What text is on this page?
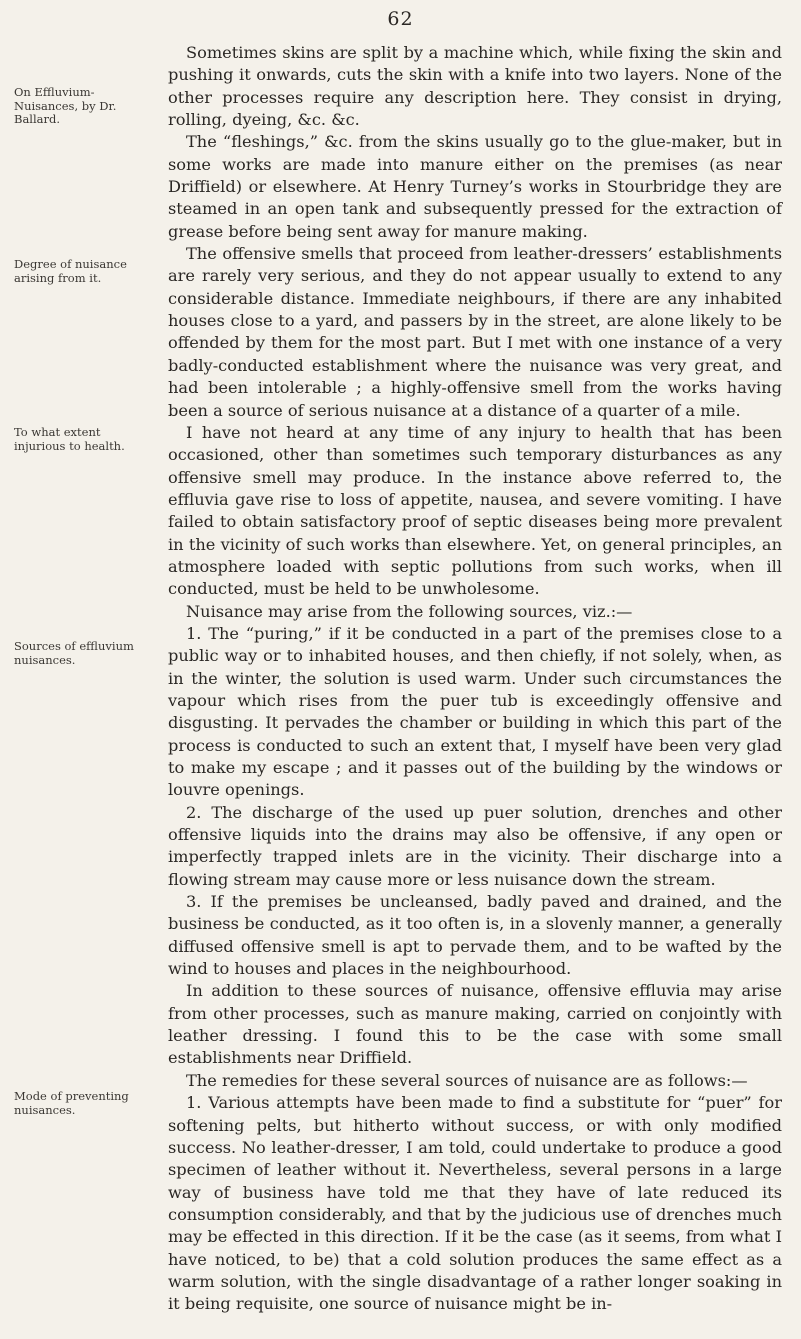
62
On Effluvium-Nuisances, by Dr. Ballard.
Degree of nuisance arising from it.
To what extent injurious to health.
Sources of effluvium nuisances.
Mode of preventing nuisances.

Sometimes skins are split by a machine which, while fixing the skin and pushing it onwards, cuts the skin with a knife into two layers. None of the other processes require any description here. They consist in drying, rolling, dyeing, &c. &c.

The “fleshings,” &c. from the skins usually go to the glue-maker, but in some works are made into manure either on the premises (as near Driffield) or elsewhere. At Henry Turney’s works in Stourbridge they are steamed in an open tank and subsequently pressed for the extraction of grease before being sent away for manure making.

The offensive smells that proceed from leather-dressers’ establishments are rarely very serious, and they do not appear usually to extend to any considerable distance. Immediate neighbours, if there are any inhabited houses close to a yard, and passers by in the street, are alone likely to be offended by them for the most part. But I met with one instance of a very badly-conducted establishment where the nuisance was very great, and had been intolerable ; a highly-offensive smell from the works having been a source of serious nuisance at a distance of a quarter of a mile.

I have not heard at any time of any injury to health that has been occasioned, other than sometimes such temporary disturbances as any offensive smell may produce. In the instance above referred to, the effluvia gave rise to loss of appetite, nausea, and severe vomiting. I have failed to obtain satisfactory proof of septic diseases being more prevalent in the vicinity of such works than elsewhere. Yet, on general principles, an atmosphere loaded with septic pollutions from such works, when ill conducted, must be held to be unwholesome.

Nuisance may arise from the following sources, viz.:—

1. The “puring,” if it be conducted in a part of the premises close to a public way or to inhabited houses, and then chiefly, if not solely, when, as in the winter, the solution is used warm. Under such circumstances the vapour which rises from the puer tub is exceedingly offensive and disgusting. It pervades the chamber or building in which this part of the process is conducted to such an extent that, I myself have been very glad to make my escape ; and it passes out of the building by the windows or louvre openings.

2. The discharge of the used up puer solution, drenches and other offensive liquids into the drains may also be offensive, if any open or imperfectly trapped inlets are in the vicinity. Their discharge into a flowing stream may cause more or less nuisance down the stream.

3. If the premises be uncleansed, badly paved and drained, and the business be conducted, as it too often is, in a slovenly manner, a generally diffused offensive smell is apt to pervade them, and to be wafted by the wind to houses and places in the neighbourhood.

In addition to these sources of nuisance, offensive effluvia may arise from other processes, such as manure making, carried on conjointly with leather dressing. I found this to be the case with some small establishments near Driffield.

The remedies for these several sources of nuisance are as follows:—

1. Various attempts have been made to find a substitute for “puer” for softening pelts, but hitherto without success, or with only modified success. No leather-dresser, I am told, could undertake to produce a good specimen of leather without it. Nevertheless, several persons in a large way of business have told me that they have of late reduced its consumption considerably, and that by the judicious use of drenches much may be effected in this direction. If it be the case (as it seems, from what I have noticed, to be) that a cold solution produces the same effect as a warm solution, with the single disadvantage of a rather longer soaking in it being requisite, one source of nuisance might be in-
